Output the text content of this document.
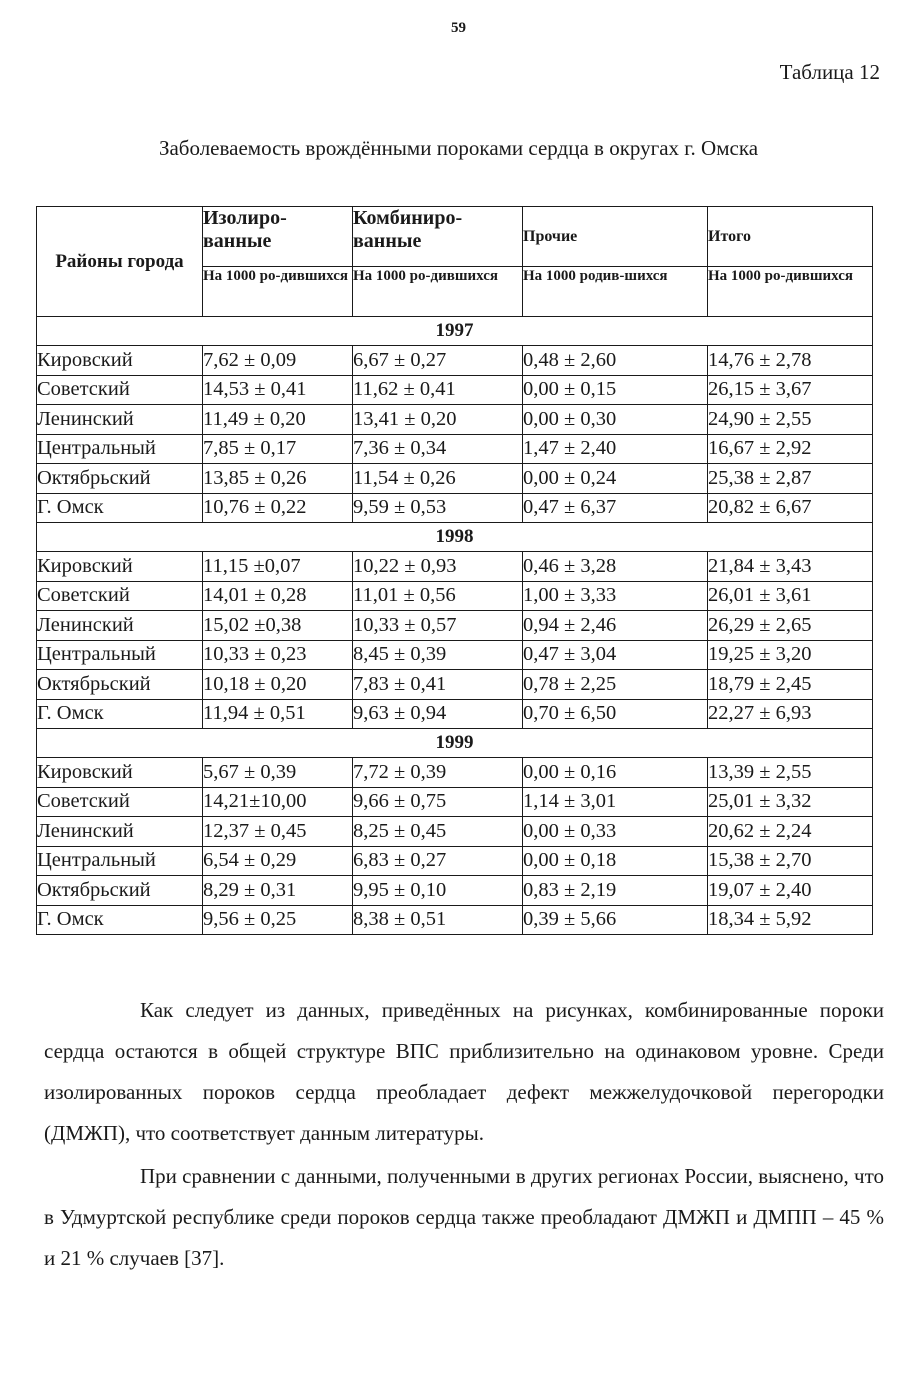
59
Таблица 12
Заболеваемость врождёнными пороками сердца в округах г. Омска
Районы города	Изолиро-ванные	Комбиниро-ванные	Прочие	Итого
	На 1000 ро-дившихся	На 1000 ро-дившихся	На 1000 родив-шихся	На 1000 ро-дившихся
1997				
Кировский	7,62 ± 0,09	6,67 ± 0,27	0,48 ± 2,60	14,76 ± 2,78
Советский	14,53 ± 0,41	11,62 ± 0,41	0,00 ± 0,15	26,15 ± 3,67
Ленинский	11,49 ± 0,20	13,41 ± 0,20	0,00 ± 0,30	24,90 ± 2,55
Центральный	7,85 ± 0,17	7,36 ± 0,34	1,47 ± 2,40	16,67 ± 2,92
Октябрьский	13,85 ± 0,26	11,54 ± 0,26	0,00 ± 0,24	25,38 ± 2,87
Г. Омск	10,76 ± 0,22	9,59 ± 0,53	0,47 ± 6,37	20,82 ± 6,67
1998				
Кировский	11,15 ±0,07	10,22 ± 0,93	0,46 ± 3,28	21,84 ± 3,43
Советский	14,01 ± 0,28	11,01 ± 0,56	1,00 ± 3,33	26,01 ± 3,61
Ленинский	15,02 ±0,38	10,33 ± 0,57	0,94 ± 2,46	26,29 ± 2,65
Центральный	10,33 ± 0,23	8,45 ± 0,39	0,47 ± 3,04	19,25 ± 3,20
Октябрьский	10,18 ± 0,20	7,83 ± 0,41	0,78 ± 2,25	18,79 ± 2,45
Г. Омск	11,94 ± 0,51	9,63 ± 0,94	0,70 ± 6,50	22,27 ± 6,93
1999				
Кировский	5,67 ± 0,39	7,72 ± 0,39	0,00 ± 0,16	13,39 ± 2,55
Советский	14,21±10,00	9,66 ± 0,75	1,14 ± 3,01	25,01 ± 3,32
Ленинский	12,37 ± 0,45	8,25 ± 0,45	0,00 ± 0,33	20,62 ± 2,24
Центральный	6,54 ± 0,29	6,83 ± 0,27	0,00 ± 0,18	15,38 ± 2,70
Октябрьский	8,29 ± 0,31	9,95 ± 0,10	0,83 ± 2,19	19,07 ± 2,40
Г. Омск	9,56 ± 0,25	8,38 ± 0,51	0,39 ± 5,66	18,34 ± 5,92

Как следует из данных, приведённых на рисунках, комбинированные пороки сердца остаются в общей структуре ВПС приблизительно на одинаковом уровне. Среди изолированных пороков сердца преобладает дефект межжелудочковой перегородки (ДМЖП), что соответствует данным литературы.

При сравнении с данными, полученными в других регионах России, выяснено, что в Удмуртской республике среди пороков сердца также преобладают ДМЖП и ДМПП – 45 % и 21 % случаев [37].
